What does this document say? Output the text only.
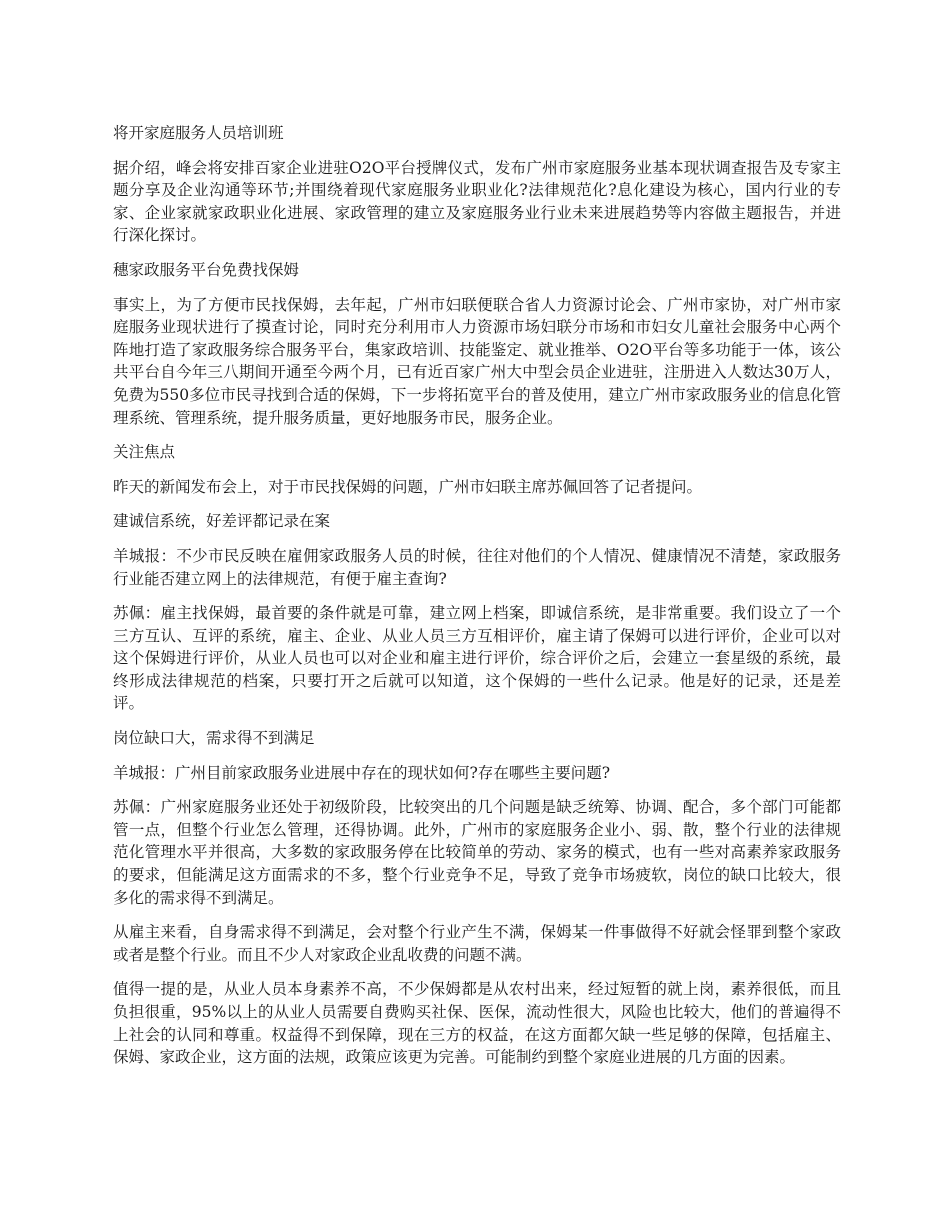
将开家庭服务人员培训班

据介绍，峰会将安排百家企业进驻O2O平台授牌仪式，发布广州市家庭服务业基本现状调查报告及专家主题分享及企业沟通等环节;并围绕着现代家庭服务业职业化?法律规范化?息化建设为核心，国内行业的专家、企业家就家政职业化进展、家政管理的建立及家庭服务业行业未来进展趋势等内容做主题报告，并进行深化探讨。

穗家政服务平台免费找保姆

事实上，为了方便市民找保姆，去年起，广州市妇联便联合省人力资源讨论会、广州市家协，对广州市家庭服务业现状进行了摸查讨论，同时充分利用市人力资源市场妇联分市场和市妇女儿童社会服务中心两个阵地打造了家政服务综合服务平台，集家政培训、技能鉴定、就业推举、O2O平台等多功能于一体，该公共平台自今年三八期间开通至今两个月，已有近百家广州大中型会员企业进驻，注册进入人数达30万人，免费为550多位市民寻找到合适的保姆，下一步将拓宽平台的普及使用，建立广州市家政服务业的信息化管理系统、管理系统，提升服务质量，更好地服务市民，服务企业。

关注焦点

昨天的新闻发布会上，对于市民找保姆的问题，广州市妇联主席苏佩回答了记者提问。

建诚信系统，好差评都记录在案

羊城报：不少市民反映在雇佣家政服务人员的时候，往往对他们的个人情况、健康情况不清楚，家政服务行业能否建立网上的法律规范，有便于雇主查询?

苏佩：雇主找保姆，最首要的条件就是可靠，建立网上档案，即诚信系统，是非常重要。我们设立了一个三方互认、互评的系统，雇主、企业、从业人员三方互相评价，雇主请了保姆可以进行评价，企业可以对这个保姆进行评价，从业人员也可以对企业和雇主进行评价，综合评价之后，会建立一套星级的系统，最终形成法律规范的档案，只要打开之后就可以知道，这个保姆的一些什么记录。他是好的记录，还是差评。

岗位缺口大，需求得不到满足

羊城报：广州目前家政服务业进展中存在的现状如何?存在哪些主要问题?

苏佩：广州家庭服务业还处于初级阶段，比较突出的几个问题是缺乏统筹、协调、配合，多个部门可能都管一点，但整个行业怎么管理，还得协调。此外，广州市的家庭服务企业小、弱、散，整个行业的法律规范化管理水平并很高，大多数的家政服务停在比较简单的劳动、家务的模式，也有一些对高素养家政服务的要求，但能满足这方面需求的不多，整个行业竞争不足，导致了竞争市场疲软，岗位的缺口比较大，很多化的需求得不到满足。

从雇主来看，自身需求得不到满足，会对整个行业产生不满，保姆某一件事做得不好就会怪罪到整个家政或者是整个行业。而且不少人对家政企业乱收费的问题不满。

值得一提的是，从业人员本身素养不高，不少保姆都是从农村出来，经过短暂的就上岗，素养很低，而且负担很重，95%以上的从业人员需要自费购买社保、医保，流动性很大，风险也比较大，他们的普遍得不上社会的认同和尊重。权益得不到保障，现在三方的权益，在这方面都欠缺一些足够的保障，包括雇主、保姆、家政企业，这方面的法规，政策应该更为完善。可能制约到整个家庭业进展的几方面的因素。
